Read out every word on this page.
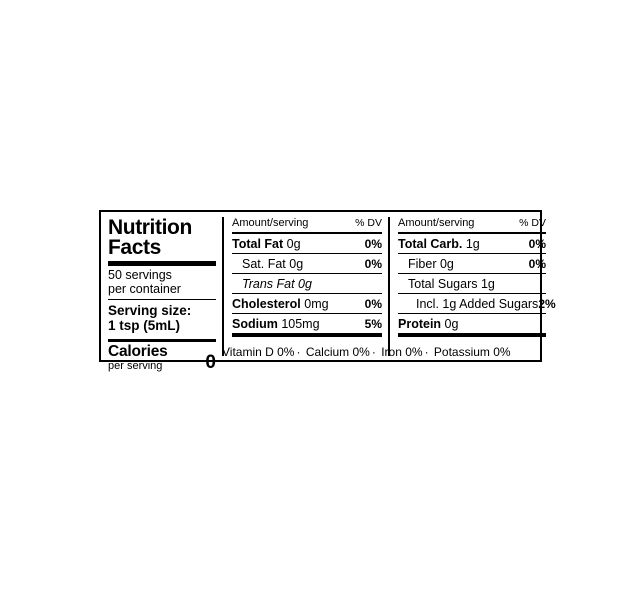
Nutrition
Facts
50 servings
per container
Serving size:
1 tsp (5mL)
Calories
per serving 0
Amount/serving	% DV
Total Fat 0g	0%
Sat. Fat 0g	0%
Trans Fat 0g
Cholesterol 0mg	0%
Sodium 105mg	5%
Amount/serving	% DV
Total Carb. 1g	0%
Fiber 0g	0%
Total Sugars 1g
Incl. 1g Added Sugars 2%
Protein 0g
Vitamin D 0% · Calcium 0% · Iron 0% · Potassium 0%
